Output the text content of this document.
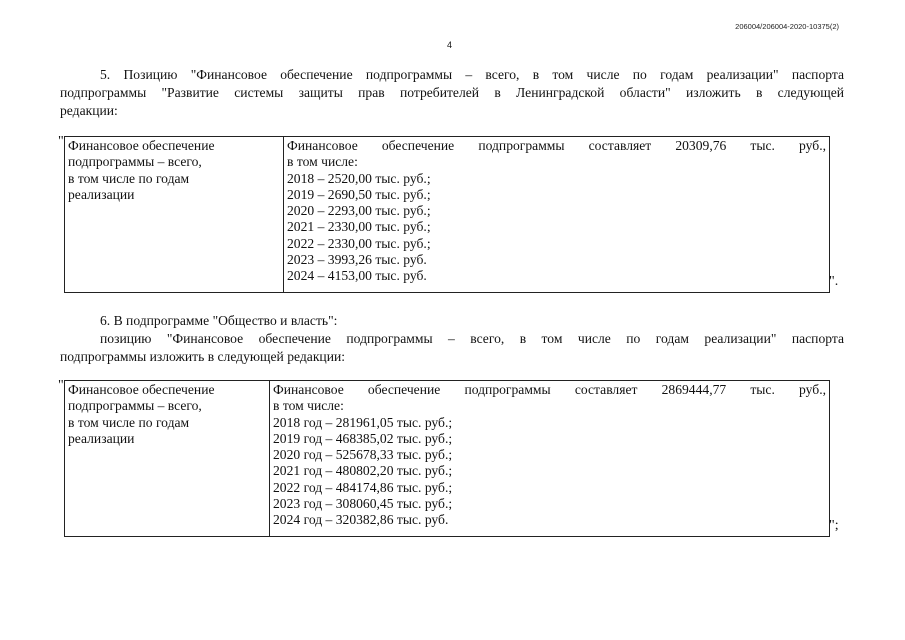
206004/206004-2020-10375(2)
4
5. Позицию "Финансовое обеспечение подпрограммы – всего, в том числе по годам реализации" паспорта
подпрограммы "Развитие системы защиты прав потребителей в Ленинградской области" изложить в следующей
редакции:
" Финансовое обеспечение
подпрограммы – всего,
в том числе по годам
реализации

Финансовое обеспечение подпрограммы составляет 20309,76 тыс. руб.,
в том числе:
2018 – 2520,00 тыс. руб.;
2019 – 2690,50 тыс. руб.;
2020 – 2293,00 тыс. руб.;
2021 – 2330,00 тыс. руб.;
2022 – 2330,00 тыс. руб.;
2023 – 3993,26 тыс. руб.
2024 – 4153,00 тыс. руб.	".
6. В подпрограмме "Общество и власть":
позицию "Финансовое обеспечение подпрограммы – всего, в том числе по годам реализации" паспорта
подпрограммы изложить в следующей редакции:
" Финансовое обеспечение
подпрограммы – всего,
в том числе по годам
реализации

Финансовое обеспечение подпрограммы составляет 2869444,77 тыс. руб.,
в том числе:
2018 год – 281961,05 тыс. руб.;
2019 год – 468385,02 тыс. руб.;
2020 год – 525678,33 тыс. руб.;
2021 год – 480802,20 тыс. руб.;
2022 год – 484174,86 тыс. руб.;
2023 год – 308060,45 тыс. руб.;
2024 год – 320382,86 тыс. руб.	";
